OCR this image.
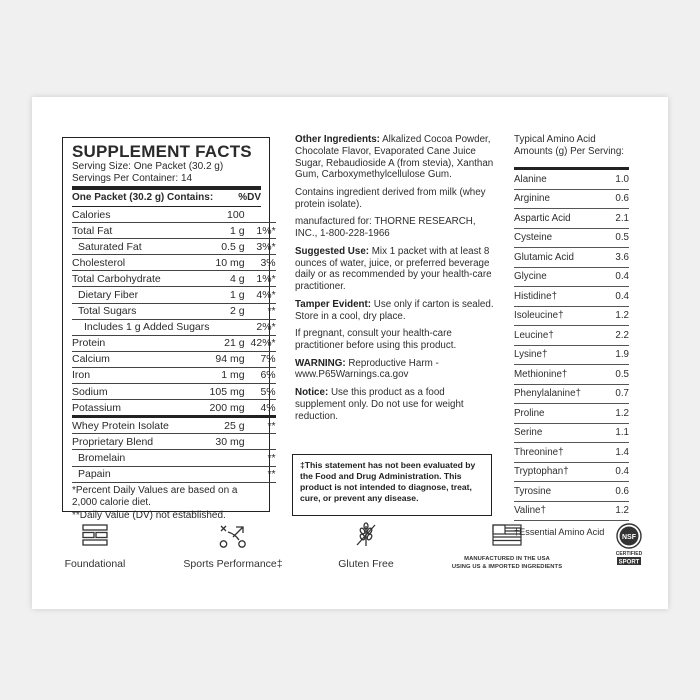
SUPPLEMENT FACTS
Serving Size: One Packet (30.2 g)
Servings Per Container: 14
One Packet (30.2 g) Contains:	%DV
Calories	100	
Total Fat	1 g	1%*
Saturated Fat	0.5 g	3%*
Cholesterol	10 mg	3%
Total Carbohydrate	4 g	1%*
Dietary Fiber	1 g	4%*
Total Sugars	2 g	**
Includes 1 g Added Sugars		2%*
Protein	21 g	42%*
Calcium	94 mg	7%
Iron	1 mg	6%
Sodium	105 mg	5%
Potassium	200 mg	4%
Whey Protein Isolate	25 g	**
Proprietary Blend	30 mg	
Bromelain		**
Papain		**
*Percent Daily Values are based on a 2,000 calorie diet.
**Daily Value (DV) not established.

Other Ingredients: Alkalized Cocoa Powder, Chocolate Flavor, Evaporated Cane Juice Sugar, Rebaudioside A (from stevia), Xanthan Gum, Carboxymethylcellulose Gum.

Contains ingredient derived from milk (whey protein isolate).

manufactured for: THORNE RESEARCH, INC., 1-800-228-1966

Suggested Use: Mix 1 packet with at least 8 ounces of water, juice, or preferred beverage daily or as recommended by your health-care practitioner.

Tamper Evident: Use only if carton is sealed. Store in a cool, dry place.

If pregnant, consult your health-care practitioner before using this product.

WARNING: Reproductive Harm - www.P65Warnings.ca.gov

Notice: Use this product as a food supplement only. Do not use for weight reduction.

‡This statement has not been evaluated by the Food and Drug Administration. This product is not intended to diagnose, treat, cure, or prevent any disease.
Typical Amino Acid Amounts (g) Per Serving:
Alanine	1.0
Arginine	0.6
Aspartic Acid	2.1
Cysteine	0.5
Glutamic Acid	3.6
Glycine	0.4
Histidine†	0.4
Isoleucine†	1.2
Leucine†	2.2
Lysine†	1.9
Methionine†	0.5
Phenylalanine†	0.7
Proline	1.2
Serine	1.1
Threonine†	1.4
Tryptophan†	0.4
Tyrosine	0.6
Valine†	1.2
†Essential Amino Acid
Foundational	Sports Performance‡	Gluten Free	MANUFACTURED IN THE USA
USING US & IMPORTED INGREDIENTS
NSF
CERTIFIED
SPORT
